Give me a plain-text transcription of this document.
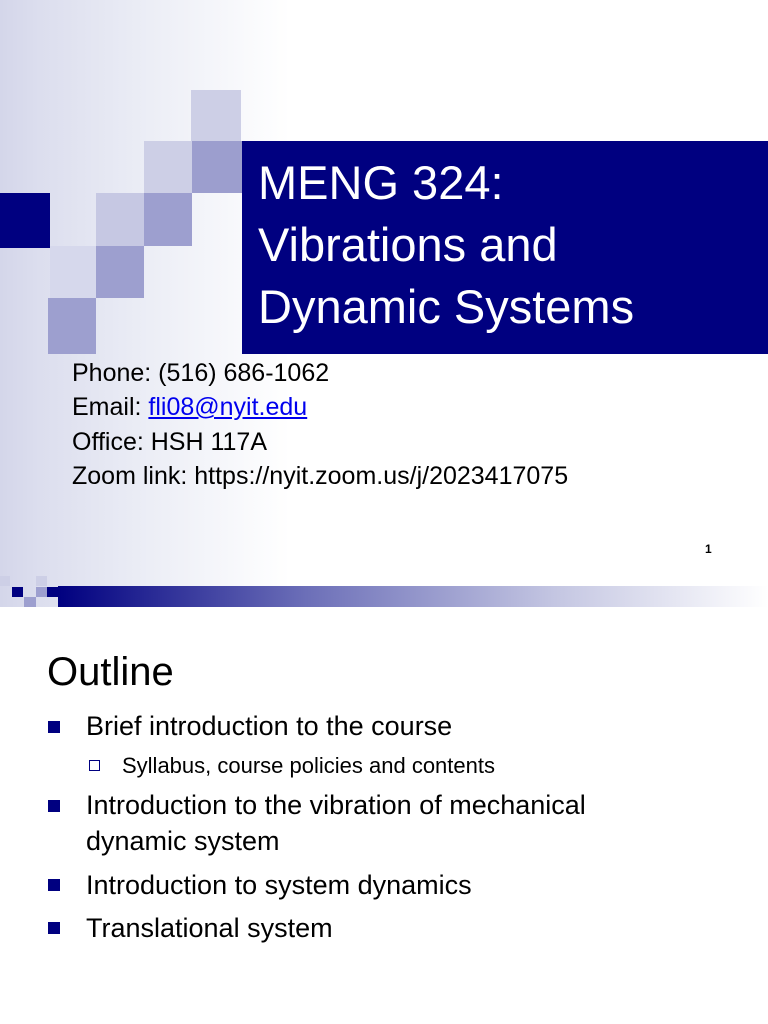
MENG 324:
Vibrations and
Dynamic Systems
Phone: (516) 686-1062
Email: fli08@nyit.edu
Office: HSH 117A
Zoom link: https://nyit.zoom.us/j/2023417075
1
Outline
Brief introduction to the course
Syllabus, course policies and contents
Introduction to the vibration of mechanical dynamic system
Introduction to system dynamics
Translational system
